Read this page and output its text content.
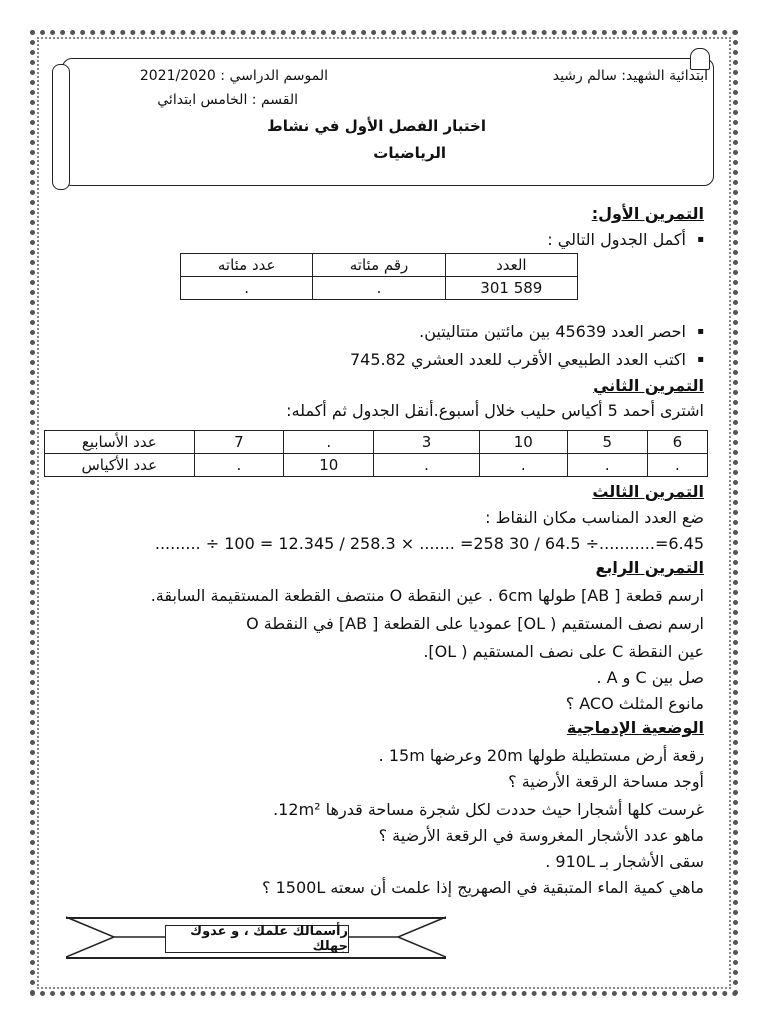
ابتدائية الشهيد: سالم رشيد
الموسم الدراسي : 2021/2020
القسم : الخامس ابتدائي
اختبار الفصل الأول في نشاط
الرياضيات
التمرين الأول:
▪ أكمل الجدول التالي :
العدد	رقم مئاته	عدد مئاته
589 301	.	.
▪ احصر العدد 45639 بين مائتين متتاليتين.
▪ اكتب العدد الطبيعي الأقرب للعدد العشري 745.82
التمرين الثاني
اشترى أحمد 5 أكياس حليب خلال أسبوع.أنقل الجدول ثم أكمله:
6	5	10	3	.	7	عدد الأسابيع
.	.	.	.	10	.	عدد الأكياس
التمرين الثالث
ضع العدد المناسب مكان النقاط :
......... ÷ 100 = 12.345 / 258.3 × ....... =258 30 / 64.5 ÷...........=6.45
التمرين الرابع
ارسم قطعة [ AB] طولها 6cm . عين النقطة O منتصف القطعة المستقيمة السابقة.
ارسم نصف المستقيم ( OL] عموديا على القطعة [ AB] في النقطة O
عين النقطة C على نصف المستقيم ( OL].
صل بين C و A .
مانوع المثلث ACO ؟
الوضعية الإدماجية
رقعة أرض مستطيلة طولها 20m وعرضها 15m .
أوجد مساحة الرقعة الأرضية ؟
غرست كلها أشجارا حيث حددت لكل شجرة مساحة قدرها 12m².
ماهو عدد الأشجار المغروسة في الرقعة الأرضية ؟
سقى الأشجار بـ 910L .
ماهي كمية الماء المتبقية في الصهريج إذا علمت أن سعته 1500L ؟
رأسمالك علمك ، و عدوك جهلك
